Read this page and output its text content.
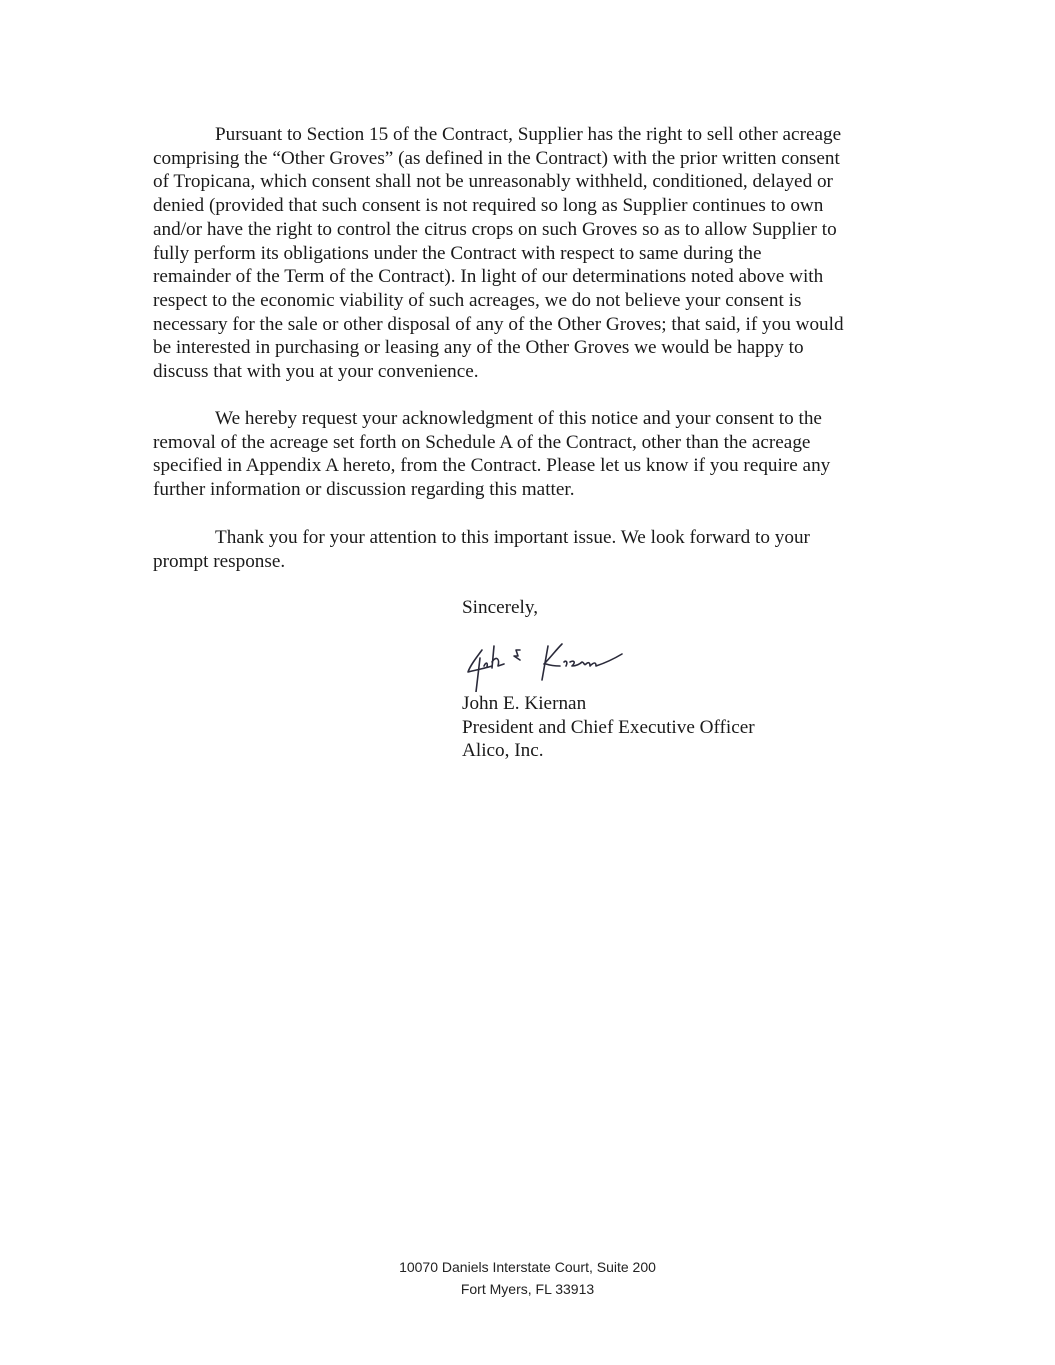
Pursuant to Section 15 of the Contract, Supplier has the right to sell other acreage
comprising the “Other Groves” (as defined in the Contract) with the prior written consent
of Tropicana, which consent shall not be unreasonably withheld, conditioned, delayed or
denied (provided that such consent is not required so long as Supplier continues to own
and/or have the right to control the citrus crops on such Groves so as to allow Supplier to
fully perform its obligations under the Contract with respect to same during the
remainder of the Term of the Contract). In light of our determinations noted above with
respect to the economic viability of such acreages, we do not believe your consent is
necessary for the sale or other disposal of any of the Other Groves; that said, if you would
be interested in purchasing or leasing any of the Other Groves we would be happy to
discuss that with you at your convenience.
We hereby request your acknowledgment of this notice and your consent to the
removal of the acreage set forth on Schedule A of the Contract, other than the acreage
specified in Appendix A hereto, from the Contract. Please let us know if you require any
further information or discussion regarding this matter.
Thank you for your attention to this important issue. We look forward to your
prompt response.
Sincerely,
John E. Kiernan
President and Chief Executive Officer
Alico, Inc.
10070 Daniels Interstate Court, Suite 200
Fort Myers, FL 33913
